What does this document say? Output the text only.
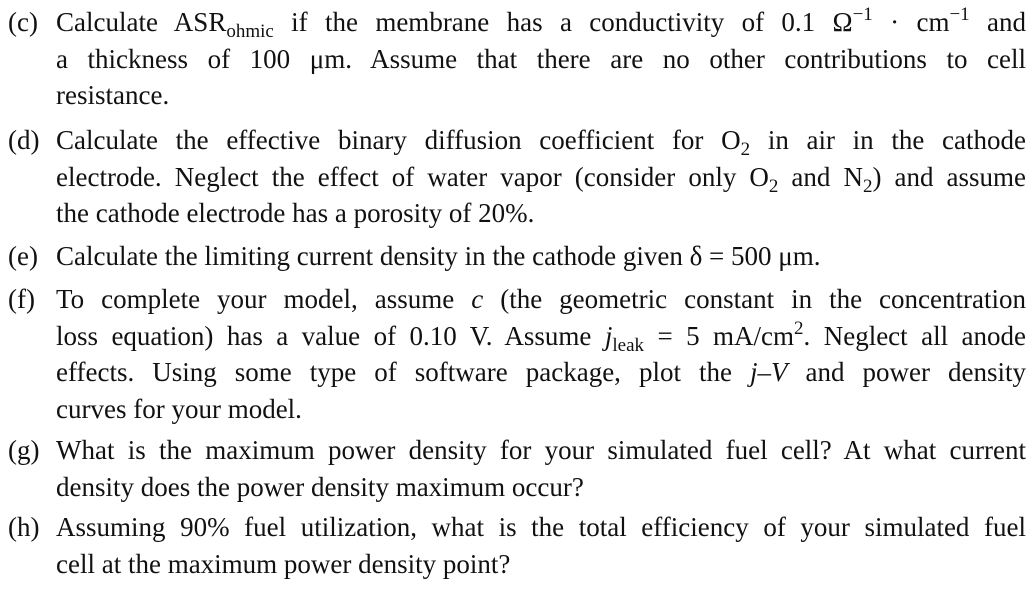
(c) Calculate $ASR_{ohmic}$ if the membrane has a conductivity of 0.1 $\Omega^{-1} \cdot cm^{-1}$ and
a thickness of 100 μm. Assume that there are no other contributions to cell
resistance.
(d) Calculate the effective binary diffusion coefficient for $O_2$ in air in the cathode
electrode. Neglect the effect of water vapor (consider only $O_2$ and $N_2$) and assume
the cathode electrode has a porosity of 20%.
(e) Calculate the limiting current density in the cathode given δ = 500 μm.
(f) To complete your model, assume c (the geometric constant in the concentration
loss equation) has a value of 0.10 V. Assume $j_{leak} = 5$ $mA/cm^2$. Neglect all anode
effects. Using some type of software package, plot the j–V and power density
curves for your model.
(g) What is the maximum power density for your simulated fuel cell? At what current
density does the power density maximum occur?
(h) Assuming 90% fuel utilization, what is the total efficiency of your simulated fuel
cell at the maximum power density point?
